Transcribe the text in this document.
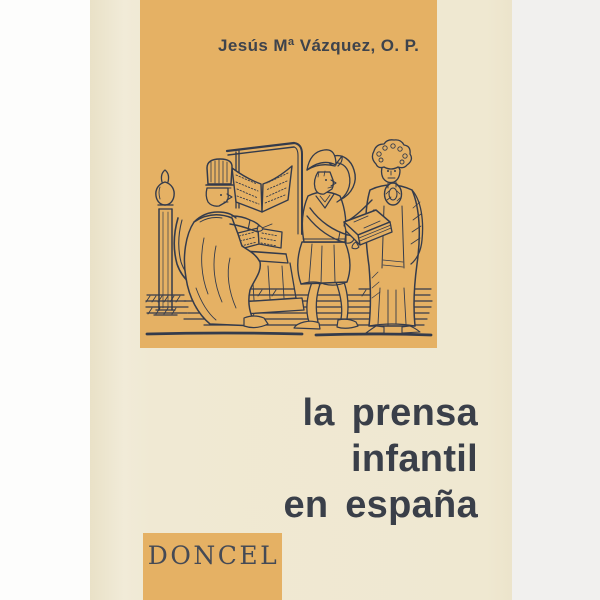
Jesús Mª Vázquez, O. P.
la prensa
infantil
en españa
DONCEL
